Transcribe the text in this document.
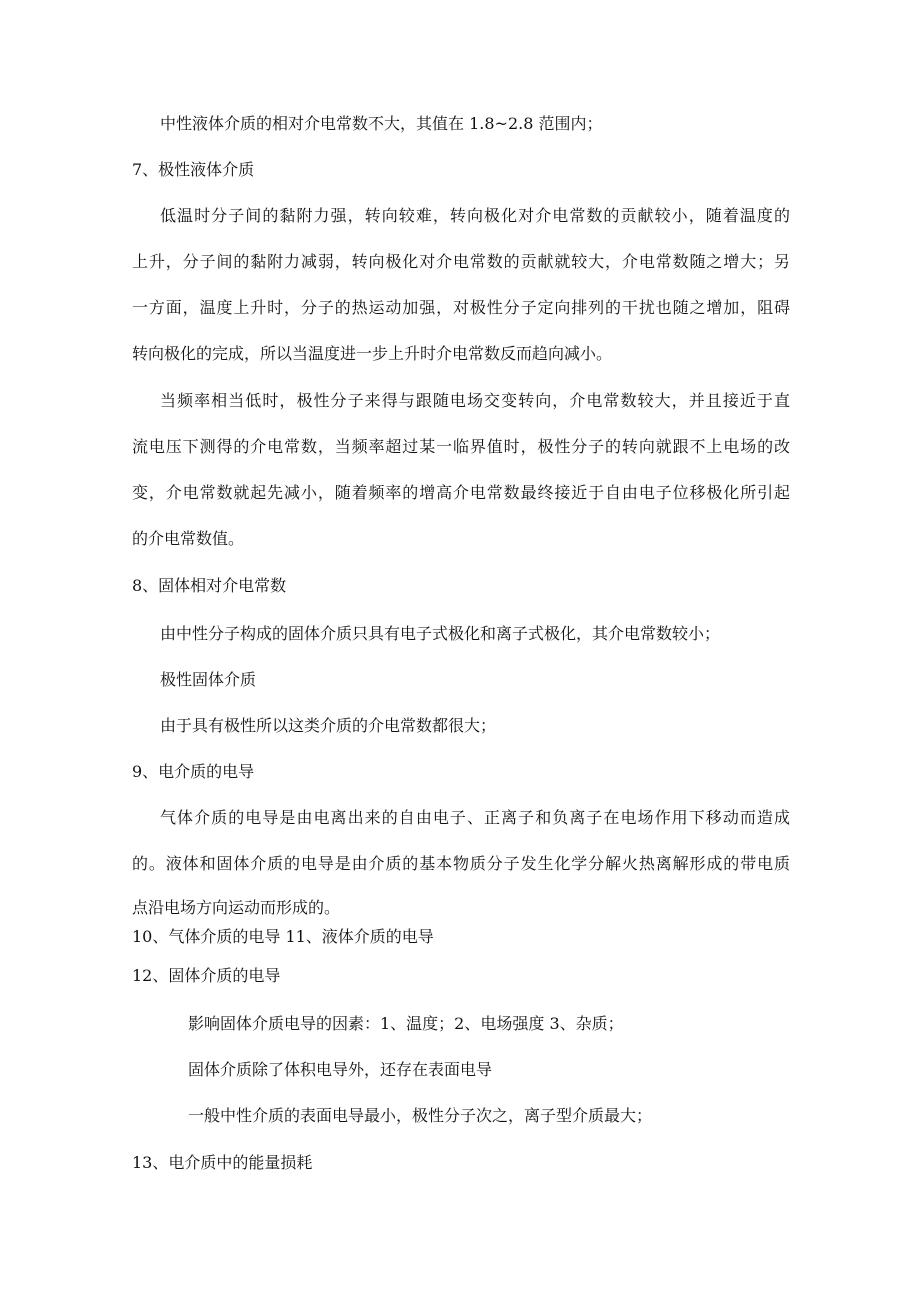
中性液体介质的相对介电常数不大，其值在 1.8~2.8 范围内；

7、极性液体介质

低温时分子间的黏附力强，转向较难，转向极化对介电常数的贡献较小，随着温度的

上升，分子间的黏附力减弱，转向极化对介电常数的贡献就较大，介电常数随之增大；另

一方面，温度上升时，分子的热运动加强，对极性分子定向排列的干扰也随之增加，阻碍

转向极化的完成，所以当温度进一步上升时介电常数反而趋向减小。

当频率相当低时，极性分子来得与跟随电场交变转向，介电常数较大，并且接近于直

流电压下测得的介电常数，当频率超过某一临界值时，极性分子的转向就跟不上电场的改

变，介电常数就起先减小，随着频率的增高介电常数最终接近于自由电子位移极化所引起

的介电常数值。

8、固体相对介电常数

由中性分子构成的固体介质只具有电子式极化和离子式极化，其介电常数较小；

极性固体介质

由于具有极性所以这类介质的介电常数都很大；

9、电介质的电导

气体介质的电导是由电离出来的自由电子、正离子和负离子在电场作用下移动而造成

的。液体和固体介质的电导是由介质的基本物质分子发生化学分解火热离解形成的带电质

点沿电场方向运动而形成的。

10、气体介质的电导 11、液体介质的电导

12、固体介质的电导

影响固体介质电导的因素：1、温度；2、电场强度 3、杂质；

固体介质除了体积电导外，还存在表面电导

一般中性介质的表面电导最小，极性分子次之，离子型介质最大；

13、电介质中的能量损耗
